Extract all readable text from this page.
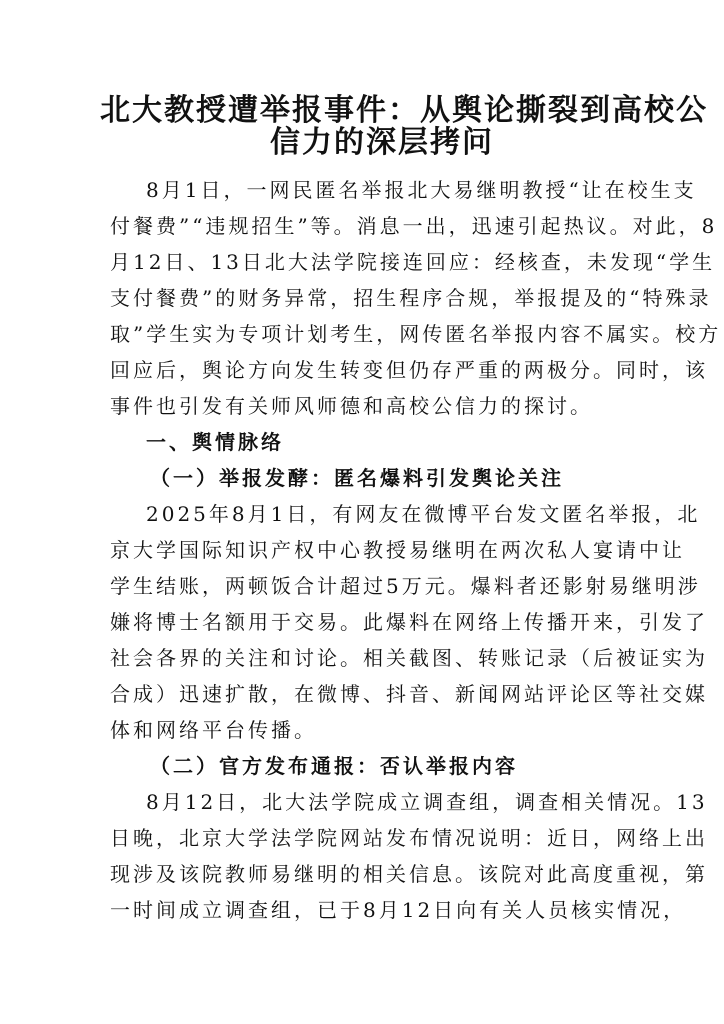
北大教授遭举报事件：从舆论撕裂到高校公
信力的深层拷问
8月1日，一网民匿名举报北大易继明教授“让在校生支
付餐费”“违规招生”等。消息一出，迅速引起热议。对此，8
月12日、13日北大法学院接连回应：经核查，未发现“学生
支付餐费”的财务异常，招生程序合规，举报提及的“特殊录
取”学生实为专项计划考生，网传匿名举报内容不属实。校方
回应后，舆论方向发生转变但仍存严重的两极分。同时，该
事件也引发有关师风师德和高校公信力的探讨。
一、舆情脉络
（一）举报发酵：匿名爆料引发舆论关注
2025年8月1日，有网友在微博平台发文匿名举报，北
京大学国际知识产权中心教授易继明在两次私人宴请中让
学生结账，两顿饭合计超过5万元。爆料者还影射易继明涉
嫌将博士名额用于交易。此爆料在网络上传播开来，引发了
社会各界的关注和讨论。相关截图、转账记录（后被证实为
合成）迅速扩散，在微博、抖音、新闻网站评论区等社交媒
体和网络平台传播。
（二）官方发布通报：否认举报内容
8月12日，北大法学院成立调查组，调查相关情况。13
日晚，北京大学法学院网站发布情况说明：近日，网络上出
现涉及该院教师易继明的相关信息。该院对此高度重视，第
一时间成立调查组，已于8月12日向有关人员核实情况，
